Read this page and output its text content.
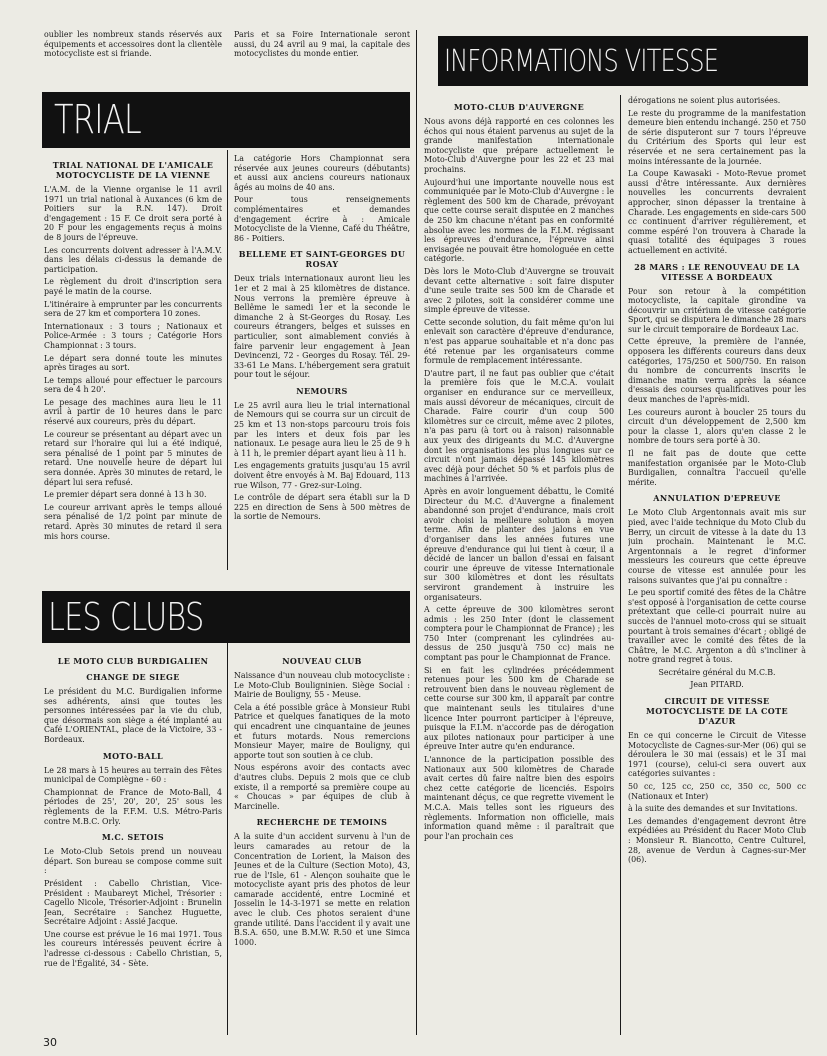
TRIAL
LES CLUBS
INFORMATIONS VITESSE

oublier les nombreux stands réservés aux équipements et accessoires dont la clientèle motocycliste est si friande.

TRIAL NATIONAL DE L'AMICALE MOTOCYCLISTE DE LA VIENNE

L'A.M. de la Vienne organise le 11 avril 1971 un trial national à Auxances (6 km de Poitiers sur la R.N. 147). Droit d'engagement : 15 F. Ce droit sera porté à 20 F pour les engagements reçus à moins de 8 jours de l'épreuve.

Les concurrents doivent adresser à l'A.M.V. dans les délais ci-dessus la demande de participation.

Le règlement du droit d'inscription sera payé le matin de la course.

L'itinéraire à emprunter par les concurrents sera de 27 km et comportera 10 zones.

Internationaux : 3 tours ; Nationaux et Police-Armée : 3 tours ; Catégorie Hors Championnat : 3 tours.

Le départ sera donné toute les minutes après tirages au sort.

Le temps alloué pour effectuer le parcours sera de 4 h 20'.

Le pesage des machines aura lieu le 11 avril à partir de 10 heures dans le parc réservé aux coureurs, près du départ.

Le coureur se présentant au départ avec un retard sur l'horaire qui lui a été indiqué, sera pénalisé de 1 point par 5 minutes de retard. Une nouvelle heure de départ lui sera donnée. Après 30 minutes de retard, le départ lui sera refusé.

Le premier départ sera donné à 13 h 30.

Le coureur arrivant après le temps alloué sera pénalisé de 1/2 point par minute de retard. Après 30 minutes de retard il sera mis hors course.

LE MOTO CLUB BURDIGALIEN
CHANGE DE SIEGE

Le président du M.C. Burdigalien informe ses adhérents, ainsi que toutes les personnes intéressées par la vie du club, que désormais son siège a été implanté au Café L'ORIENTAL, place de la Victoire, 33 - Bordeaux.

MOTO-BALL

Le 28 mars à 15 heures au terrain des Fêtes municipal de Compiègne - 60 :

Championnat de France de Moto-Ball, 4 périodes de 25', 20', 20', 25' sous les règlements de la F.F.M. U.S. Métro-Paris contre M.B.C. Orly.

M.C. SETOIS

Le Moto-Club Setois prend un nouveau départ. Son bureau se compose comme suit :

Président : Cabello Christian, Vice-Président : Maubareyt Michel, Trésorier : Cagello Nicole, Trésorier-Adjoint : Brunelin Jean, Secrétaire : Sanchez Huguette, Secrétaire Adjoint : Assié Jacque.

Une course est prévue le 16 mai 1971. Tous les coureurs intéressés peuvent écrire à l'adresse ci-dessous : Cabello Christian, 5, rue de l'Égalité, 34 - Sète.

Paris et sa Foire Internationale seront aussi, du 24 avril au 9 mai, la capitale des motocyclistes du monde entier.

La catégorie Hors Championnat sera réservée aux jeunes coureurs (débutants) et aussi aux anciens coureurs nationaux âgés au moins de 40 ans.

Pour tous renseignements complémentaires et demandes d'engagement écrire à : Amicale Motocycliste de la Vienne, Café du Théâtre, 86 - Poitiers.

BELLEME ET SAINT-GEORGES DU ROSAY

Deux trials internationaux auront lieu les 1er et 2 mai à 25 kilomètres de distance. Nous verrons la première épreuve à Bellême le samedi 1er et la seconde le dimanche 2 à St-Georges du Rosay. Les coureurs étrangers, belges et suisses en particulier, sont aimablement conviés à faire parvenir leur engagement à Jean Devincenzi, 72 - Georges du Rosay. Tél. 29-33-61 Le Mans. L'hébergement sera gratuit pour tout le séjour.

NEMOURS

Le 25 avril aura lieu le trial international de Nemours qui se courra sur un circuit de 25 km et 13 non-stops parcouru trois fois par les inters et deux fois par les nationaux. Le pesage aura lieu le 25 de 9 h à 11 h, le premier départ ayant lieu à 11 h.

Les engagements gratuits jusqu'au 15 avril doivent être envoyés à M. Baj Edouard, 113 rue Wilson, 77 - Grez-sur-Loing.

Le contrôle de départ sera établi sur la D 225 en direction de Sens à 500 mètres de la sortie de Nemours.

NOUVEAU CLUB

Naissance d'un nouveau club motocycliste : Le Moto-Club Bouligninien. Siège Social : Mairie de Bouligny, 55 - Meuse.

Cela a été possible grâce à Monsieur Rubi Patrice et quelques fanatiques de la moto qui encadrent une cinquantaine de jeunes et futurs motards. Nous remercions Monsieur Mayer, maire de Bouligny, qui apporte tout son soutien à ce club.

Nous espérons avoir des contacts avec d'autres clubs. Depuis 2 mois que ce club existe, il a remporté sa première coupe au « Choucas » par équipes de club à Marcinelle.

RECHERCHE DE TEMOINS

A la suite d'un accident survenu à l'un de leurs camarades au retour de la Concentration de Lorient, la Maison des Jeunes et de la Culture (Section Moto), 43, rue de l'Isle, 61 - Alençon souhaite que le motocycliste ayant pris des photos de leur camarade accidenté, entre Locminé et Josselin le 14-3-1971 se mette en relation avec le club. Ces photos seraient d'une grande utilité. Dans l'accident il y avait une B.S.A. 650, une B.M.W. R.50 et une Simca 1000.

MOTO-CLUB D'AUVERGNE

Nous avons déjà rapporté en ces colonnes les échos qui nous étaient parvenus au sujet de la grande manifestation internationale motocycliste que prépare actuellement le Moto-Club d'Auvergne pour les 22 et 23 mai prochains.

Aujourd'hui une importante nouvelle nous est communiquée par le Moto-Club d'Auvergne : le règlement des 500 km de Charade, prévoyant que cette course serait disputée en 2 manches de 250 km chacune n'étant pas en conformité absolue avec les normes de la F.I.M. régissant les épreuves d'endurance, l'épreuve ainsi envisagée ne pouvait être homologuée en cette catégorie.

Dès lors le Moto-Club d'Auvergne se trouvait devant cette alternative : soit faire disputer d'une seule traite ses 500 km de Charade et avec 2 pilotes, soit la considérer comme une simple épreuve de vitesse.

Cette seconde solution, du fait même qu'on lui enlevait son caractère d'épreuve d'endurance, n'est pas apparue souhaitable et n'a donc pas été retenue par les organisateurs comme formule de remplacement intéressante.

D'autre part, il ne faut pas oublier que c'était la première fois que le M.C.A. voulait organiser en endurance sur ce merveilleux, mais aussi dévoreur de mécaniques, circuit de Charade. Faire courir d'un coup 500 kilomètres sur ce circuit, même avec 2 pilotes, n'a pas paru (à tort ou à raison) raisonnable aux yeux des dirigeants du M.C. d'Auvergne dont les organisations les plus longues sur ce circuit n'ont jamais dépassé 145 kilomètres avec déjà pour déchet 50 % et parfois plus de machines à l'arrivée.

Après en avoir longuement débattu, le Comité Directeur du M.C. d'Auvergne a finalement abandonné son projet d'endurance, mais croit avoir choisi la meilleure solution à moyen terme. Afin de planter des jalons en vue d'organiser dans les années futures une épreuve d'endurance qui lui tient à cœur, il a décidé de lancer un ballon d'essai en faisant courir une épreuve de vitesse Internationale sur 300 kilomètres et dont les résultats serviront grandement à instruire les organisateurs.

A cette épreuve de 300 kilomètres seront admis : les 250 Inter (dont le classement comptera pour le Championnat de France) ; les 750 Inter (comprenant les cylindrées au-dessus de 250 jusqu'à 750 cc) mais ne comptant pas pour le Championnat de France.

Si en fait les cylindrées précédemment retenues pour les 500 km de Charade se retrouvent bien dans le nouveau règlement de cette course sur 300 km, il apparaît par contre que maintenant seuls les titulaires d'une licence Inter pourront participer à l'épreuve, puisque la F.I.M. n'accorde pas de dérogation aux pilotes nationaux pour participer à une épreuve Inter autre qu'en endurance.

L'annonce de la participation possible des Nationaux aux 500 kilomètres de Charade avait certes dû faire naître bien des espoirs chez cette catégorie de licenciés. Espoirs maintenant déçus, ce que regrette vivement le M.C.A. Mais telles sont les rigueurs des règlements. Information non officielle, mais information quand même : il paraîtrait que pour l'an prochain ces

dérogations ne soient plus autorisées.

Le reste du programme de la manifestation demeure bien entendu inchangé. 250 et 750 de série disputeront sur 7 tours l'épreuve du Critérium des Sports qui leur est réservée et ne sera certainement pas la moins intéressante de la journée.

La Coupe Kawasaki - Moto-Revue promet aussi d'être intéressante. Aux dernières nouvelles les concurrents devraient approcher, sinon dépasser la trentaine à Charade. Les engagements en side-cars 500 cc continuent d'arriver régulièrement, et comme espéré l'on trouvera à Charade la quasi totalité des équipages 3 roues actuellement en activité.

28 MARS : LE RENOUVEAU DE LA VITESSE A BORDEAUX

Pour son retour à la compétition motocycliste, la capitale girondine va découvrir un critérium de vitesse catégorie Sport, qui se disputera le dimanche 28 mars sur le circuit temporaire de Bordeaux Lac.

Cette épreuve, la première de l'année, opposera les différents coureurs dans deux catégories, 175/250 et 500/750. En raison du nombre de concurrents inscrits le dimanche matin verra après la séance d'essais des courses qualificatives pour les deux manches de l'après-midi.

Les coureurs auront à boucler 25 tours du circuit d'un développement de 2,500 km pour la classe 1, alors qu'en classe 2 le nombre de tours sera porté à 30.

Il ne fait pas de doute que cette manifestation organisée par le Moto-Club Burdigalien, connaîtra l'accueil qu'elle mérite.

ANNULATION D'EPREUVE

Le Moto Club Argentonnais avait mis sur pied, avec l'aide technique du Moto Club du Berry, un circuit de vitesse à la date du 13 juin prochain. Maintenant le M.C. Argentonnais a le regret d'informer messieurs les coureurs que cette épreuve course de vitesse est annulée pour les raisons suivantes que j'ai pu connaître :

Le peu sportif comité des fêtes de la Châtre s'est opposé à l'organisation de cette course prétextant que celle-ci pourrait nuire au succès de l'annuel moto-cross qui se situait pourtant à trois semaines d'écart ; obligé de travailler avec le comité des fêtes de la Châtre, le M.C. Argenton a dû s'incliner à notre grand regret à tous.

Secrétaire général du M.C.B.

Jean PITARD.

CIRCUIT DE VITESSE MOTOCYCLISTE DE LA COTE D'AZUR

En ce qui concerne le Circuit de Vitesse Motocycliste de Cagnes-sur-Mer (06) qui se déroulera le 30 mai (essais) et le 31 mai 1971 (course), celui-ci sera ouvert aux catégories suivantes :

50 cc, 125 cc, 250 cc, 350 cc, 500 cc (Nationaux et Inter)

à la suite des demandes et sur Invitations.

Les demandes d'engagement devront être expédiées au Président du Racer Moto Club : Monsieur R. Biancotto, Centre Culturel, 28, avenue de Verdun à Cagnes-sur-Mer (06).

30
